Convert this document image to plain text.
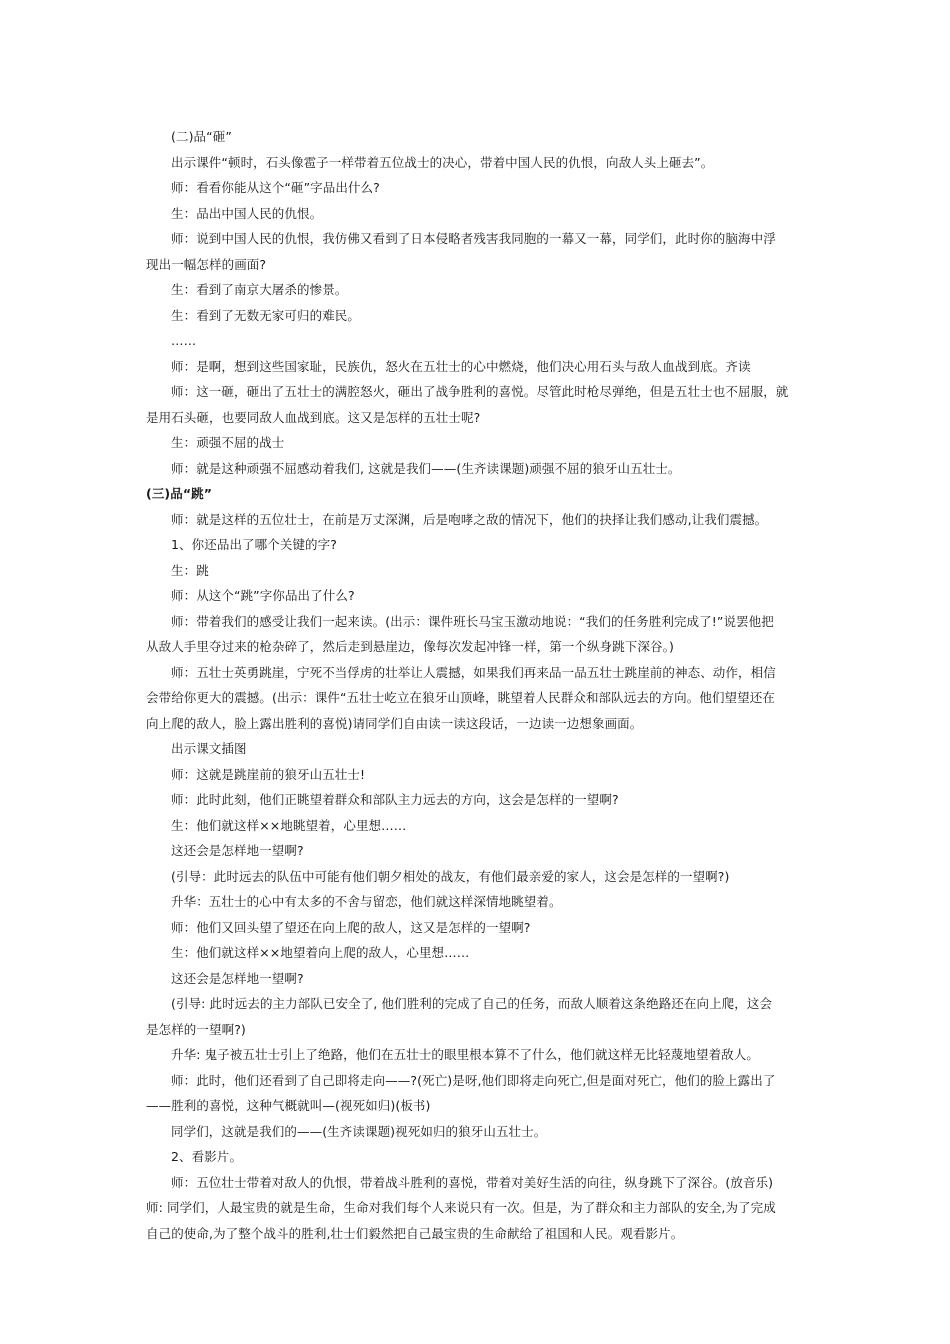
(二)品“砸”
出示课件“顿时，石头像雹子一样带着五位战士的决心，带着中国人民的仇恨，向敌人头上砸去”。
师：看看你能从这个“砸”字品出什么?
生：品出中国人民的仇恨。
师：说到中国人民的仇恨，我仿佛又看到了日本侵略者残害我同胞的一幕又一幕，同学们，此时你的脑海中浮
现出一幅怎样的画面?
生：看到了南京大屠杀的惨景。
生：看到了无数无家可归的难民。
……
师：是啊，想到这些国家耻，民族仇，怒火在五壮士的心中燃烧，他们决心用石头与敌人血战到底。齐读
师：这一砸，砸出了五壮士的满腔怒火，砸出了战争胜利的喜悦。尽管此时枪尽弹绝，但是五壮士也不屈服，就
是用石头砸，也要同敌人血战到底。这又是怎样的五壮士呢?
生：顽强不屈的战士
师：就是这种顽强不屈感动着我们, 这就是我们——(生齐读课题)顽强不屈的狼牙山五壮士。
(三)品“跳”
师：就是这样的五位壮士，在前是万丈深渊，后是咆哮之敌的情况下，他们的抉择让我们感动,让我们震撼。
1、你还品出了哪个关键的字?
生：跳
师：从这个“跳”字你品出了什么?
师：带着我们的感受让我们一起来读。(出示：课件班长马宝玉激动地说：“我们的任务胜利完成了!”说罢他把
从敌人手里夺过来的枪杂碎了，然后走到悬崖边，像每次发起冲锋一样，第一个纵身跳下深谷。)
师：五壮士英勇跳崖，宁死不当俘虏的壮举让人震撼，如果我们再来品一品五壮士跳崖前的神态、动作，相信
会带给你更大的震撼。(出示：课件“五壮士屹立在狼牙山顶峰，眺望着人民群众和部队远去的方向。他们望望还在
向上爬的敌人，脸上露出胜利的喜悦)请同学们自由读一读这段话，一边读一边想象画面。
出示课文插图
师：这就是跳崖前的狼牙山五壮士!
师：此时此刻，他们正眺望着群众和部队主力远去的方向，这会是怎样的一望啊?
生：他们就这样××地眺望着，心里想……
这还会是怎样地一望啊?
(引导：此时远去的队伍中可能有他们朝夕相处的战友，有他们最亲爱的家人，这会是怎样的一望啊?)
升华：五壮士的心中有太多的不舍与留恋，他们就这样深情地眺望着。
师：他们又回头望了望还在向上爬的敌人，这又是怎样的一望啊?
生：他们就这样××地望着向上爬的敌人，心里想……
这还会是怎样地一望啊?
(引导: 此时远去的主力部队已安全了, 他们胜利的完成了自己的任务，而敌人顺着这条绝路还在向上爬，这会
是怎样的一望啊?)
升华: 鬼子被五壮士引上了绝路，他们在五壮士的眼里根本算不了什么，他们就这样无比轻蔑地望着敌人。
师：此时，他们还看到了自己即将走向——?(死亡)是呀,他们即将走向死亡,但是面对死亡，他们的脸上露出了
——胜利的喜悦，这种气概就叫—(视死如归)(板书)
同学们，这就是我们的——(生齐读课题)视死如归的狼牙山五壮士。
2、看影片。
师：五位壮士带着对敌人的仇恨，带着战斗胜利的喜悦，带着对美好生活的向往，纵身跳下了深谷。(放音乐)
师: 同学们，人最宝贵的就是生命，生命对我们每个人来说只有一次。但是，为了群众和主力部队的安全,为了完成
自己的使命,为了整个战斗的胜利,壮士们毅然把自己最宝贵的生命献给了祖国和人民。观看影片。
